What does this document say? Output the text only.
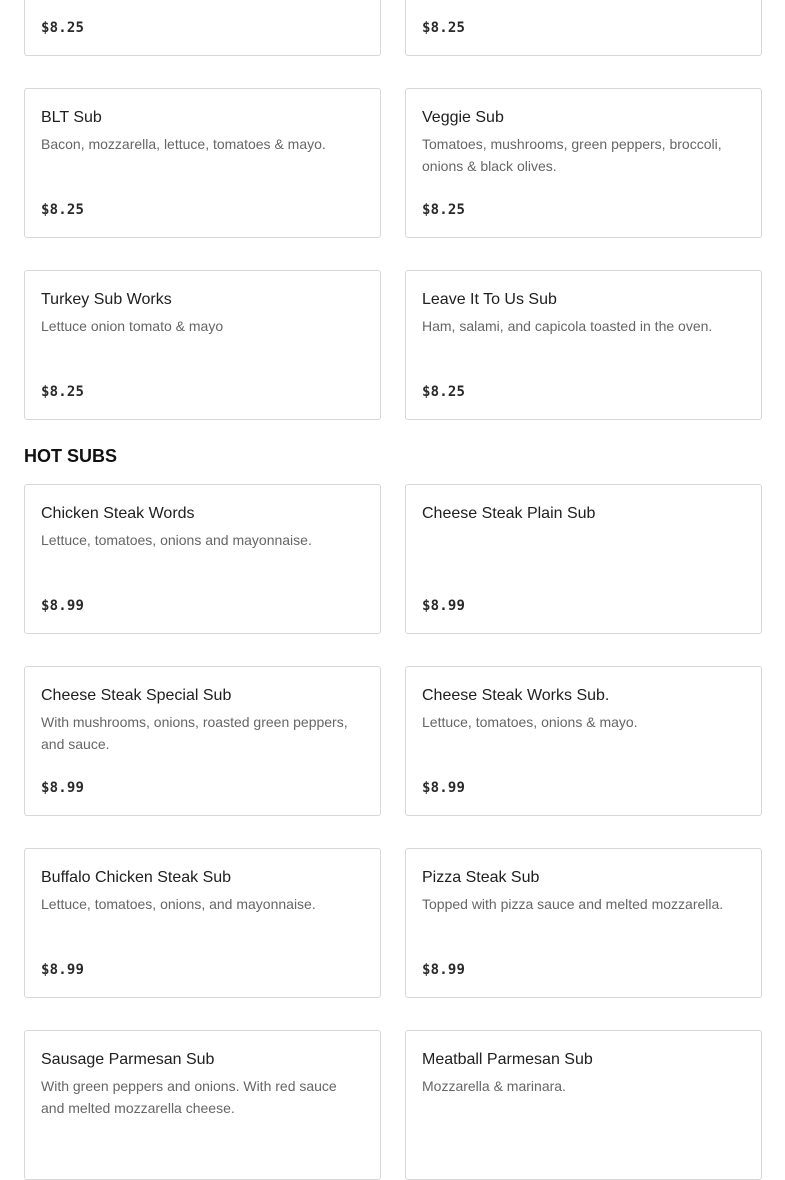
$8.25	$8.25
BLT Sub
Bacon, mozzarella, lettuce, tomatoes & mayo.
$8.25
Veggie Sub
Tomatoes, mushrooms, green peppers, broccoli, onions & black olives.
$8.25
Turkey Sub Works
Lettuce onion tomato & mayo
$8.25
Leave It To Us Sub
Ham, salami, and capicola toasted in the oven.
$8.25
HOT SUBS
Chicken Steak Words
Lettuce, tomatoes, onions and mayonnaise.
$8.99
Cheese Steak Plain Sub
$8.99
Cheese Steak Special Sub
With mushrooms, onions, roasted green peppers, and sauce.
$8.99
Cheese Steak Works Sub.
Lettuce, tomatoes, onions & mayo.
$8.99
Buffalo Chicken Steak Sub
Lettuce, tomatoes, onions, and mayonnaise.
$8.99
Pizza Steak Sub
Topped with pizza sauce and melted mozzarella.
$8.99
Sausage Parmesan Sub
With green peppers and onions. With red sauce and melted mozzarella cheese.
Meatball Parmesan Sub
Mozzarella & marinara.
